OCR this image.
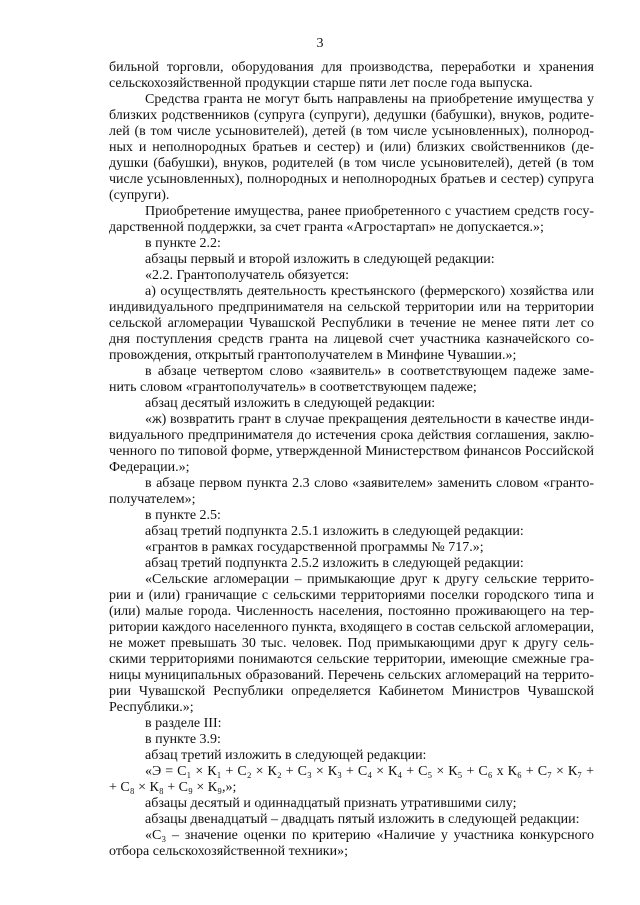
3
бильной торговли, оборудования для производства, переработки и хранения
сельскохозяйственной продукции старше пяти лет после года выпуска.
Средства гранта не могут быть направлены на приобретение имущества у
близких родственников (супруга (супруги), дедушки (бабушки), внуков, родите-
лей (в том числе усыновителей), детей (в том числе усыновленных), полнород-
ных и неполнородных братьев и сестер) и (или) близких свойственников (де-
душки (бабушки), внуков, родителей (в том числе усыновителей), детей (в том
числе усыновленных), полнородных и неполнородных братьев и сестер) супруга
(супруги).
Приобретение имущества, ранее приобретенного с участием средств госу-
дарственной поддержки, за счет гранта «Агростартап» не допускается.»;
в пункте 2.2:
абзацы первый и второй изложить в следующей редакции:
«2.2. Грантополучатель обязуется:
а) осуществлять деятельность крестьянского (фермерского) хозяйства или
индивидуального предпринимателя на сельской территории или на территории
сельской агломерации Чувашской Республики в течение не менее пяти лет со
дня поступления средств гранта на лицевой счет участника казначейского со-
провождения, открытый грантополучателем в Минфине Чувашии.»;
в абзаце четвертом слово «заявитель» в соответствующем падеже заме-
нить словом «грантополучатель» в соответствующем падеже;
абзац десятый изложить в следующей редакции:
«ж) возвратить грант в случае прекращения деятельности в качестве инди-
видуального предпринимателя до истечения срока действия соглашения, заклю-
ченного по типовой форме, утвержденной Министерством финансов Российской
Федерации.»;
в абзаце первом пункта 2.3 слово «заявителем» заменить словом «гранто-
получателем»;
в пункте 2.5:
абзац третий подпункта 2.5.1 изложить в следующей редакции:
«грантов в рамках государственной программы № 717.»;
абзац третий подпункта 2.5.2 изложить в следующей редакции:
«Сельские агломерации – примыкающие друг к другу сельские террито-
рии и (или) граничащие с сельскими территориями поселки городского типа и
(или) малые города. Численность населения, постоянно проживающего на тер-
ритории каждого населенного пункта, входящего в состав сельской агломерации,
не может превышать 30 тыс. человек. Под примыкающими друг к другу сель-
скими территориями понимаются сельские территории, имеющие смежные гра-
ницы муниципальных образований. Перечень сельских агломераций на террито-
рии Чувашской Республики определяется Кабинетом Министров Чувашской
Республики.»;
в разделе III:
в пункте 3.9:
абзац третий изложить в следующей редакции:
«Э = С₁ × К₁ + С₂ × К₂ + С₃ × К₃ + С₄ × К₄ + С₅ × К₅ + С₆ х К₆ + С₇ × К₇ +
+ С₈ × К₈ + С₉ × К₉,»;
абзацы десятый и одиннадцатый признать утратившими силу;
абзацы двенадцатый – двадцать пятый изложить в следующей редакции:
«С₃ – значение оценки по критерию «Наличие у участника конкурсного
отбора сельскохозяйственной техники»;
